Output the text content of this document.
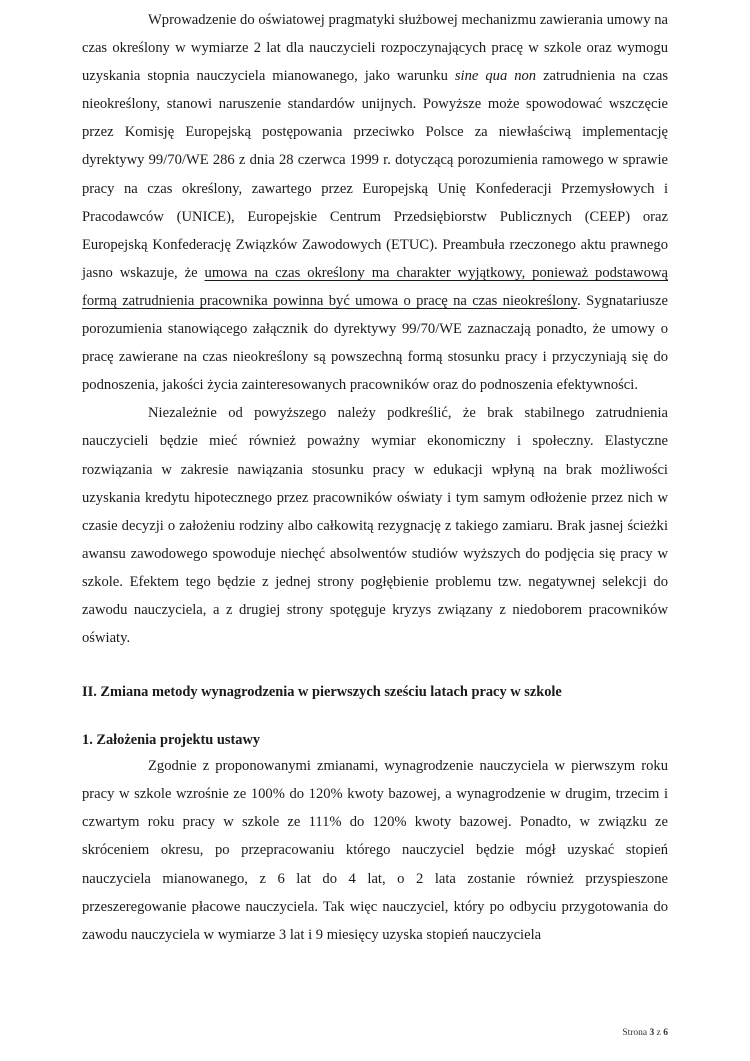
Wprowadzenie do oświatowej pragmatyki służbowej mechanizmu zawierania umowy na czas określony w wymiarze 2 lat dla nauczycieli rozpoczynających pracę w szkole oraz wymogu uzyskania stopnia nauczyciela mianowanego, jako warunku sine qua non zatrudnienia na czas nieokreślony, stanowi naruszenie standardów unijnych. Powyższe może spowodować wszczęcie przez Komisję Europejską postępowania przeciwko Polsce za niewłaściwą implementację dyrektywy 99/70/WE 286 z dnia 28 czerwca 1999 r. dotyczącą porozumienia ramowego w sprawie pracy na czas określony, zawartego przez Europejską Unię Konfederacji Przemysłowych i Pracodawców (UNICE), Europejskie Centrum Przedsiębiorstw Publicznych (CEEP) oraz Europejską Konfederację Związków Zawodowych (ETUC). Preambuła rzeczonego aktu prawnego jasno wskazuje, że umowa na czas określony ma charakter wyjątkowy, ponieważ podstawową formą zatrudnienia pracownika powinna być umowa o pracę na czas nieokreślony. Sygnatariusze porozumienia stanowiącego załącznik do dyrektywy 99/70/WE zaznaczają ponadto, że umowy o pracę zawierane na czas nieokreślony są powszechną formą stosunku pracy i przyczyniają się do podnoszenia, jakości życia zainteresowanych pracowników oraz do podnoszenia efektywności.

Niezależnie od powyższego należy podkreślić, że brak stabilnego zatrudnienia nauczycieli będzie mieć również poważny wymiar ekonomiczny i społeczny. Elastyczne rozwiązania w zakresie nawiązania stosunku pracy w edukacji wpłyną na brak możliwości uzyskania kredytu hipotecznego przez pracowników oświaty i tym samym odłożenie przez nich w czasie decyzji o założeniu rodziny albo całkowitą rezygnację z takiego zamiaru. Brak jasnej ścieżki awansu zawodowego spowoduje niechęć absolwentów studiów wyższych do podjęcia się pracy w szkole. Efektem tego będzie z jednej strony pogłębienie problemu tzw. negatywnej selekcji do zawodu nauczyciela, a z drugiej strony spotęguje kryzys związany z niedoborem pracowników oświaty.

II. Zmiana metody wynagrodzenia w pierwszych sześciu latach pracy w szkole
1. Założenia projektu ustawy

Zgodnie z proponowanymi zmianami, wynagrodzenie nauczyciela w pierwszym roku pracy w szkole wzrośnie ze 100% do 120% kwoty bazowej, a wynagrodzenie w drugim, trzecim i czwartym roku pracy w szkole ze 111% do 120% kwoty bazowej. Ponadto, w związku ze skróceniem okresu, po przepracowaniu którego nauczyciel będzie mógł uzyskać stopień nauczyciela mianowanego, z 6 lat do 4 lat, o 2 lata zostanie również przyspieszone przeszeregowanie płacowe nauczyciela. Tak więc nauczyciel, który po odbyciu przygotowania do zawodu nauczyciela w wymiarze 3 lat i 9 miesięcy uzyska stopień nauczyciela

Strona 3 z 6
